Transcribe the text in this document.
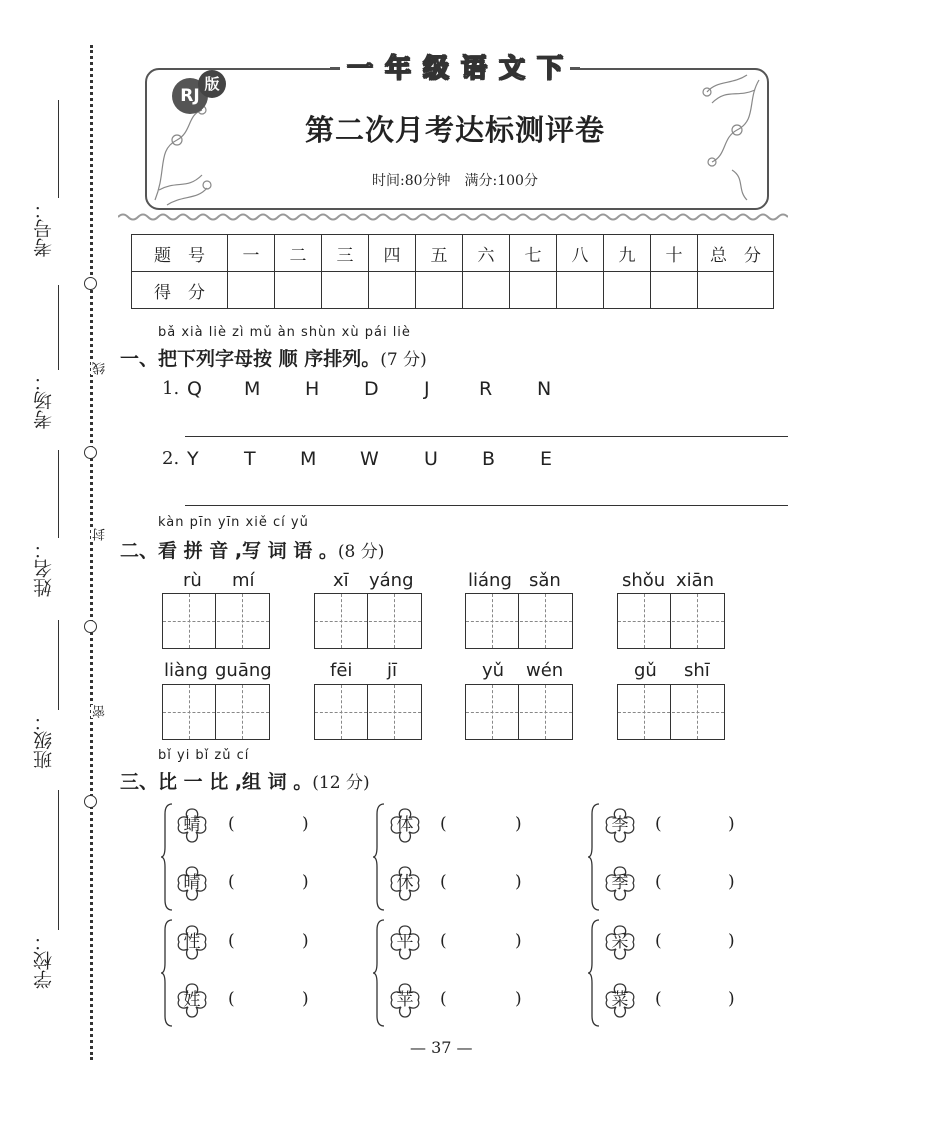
线
封
密
考号：
考场：
姓名：
班级：
学校：
一 年 级 语 文 下
RJ
版
第二次月考达标测评卷
时间:80分钟　满分:100分
题　号	一	二	三	四	五	六	七	八	九	十	总　分
得　分											
bǎ xià liè zì mǔ àn shùn xù pái liè
一、把下列字母按 顺 序排列。(7 分)
1. Q M H D J	R N
2. Y T M W U B E
kàn pīn yīn xiě cí yǔ
二、看 拼 音 ,写 词 语 。(8 分)
rù mí	xī yáng	liáng sǎn	shǒu xiān
liàng guāng	fēi jī	yǔ wén	gǔ shī
bǐ yi bǐ zǔ cí
三、比 一 比 ,组 词 。(12 分)
蜻	(	)
晴	(	)
体	(	)
休	(	)
李	(	)
季	(	)
性	(	)
姓	(	)
平	(	)
苹	(	)
采	(	)
菜	(	)
— 37 —
